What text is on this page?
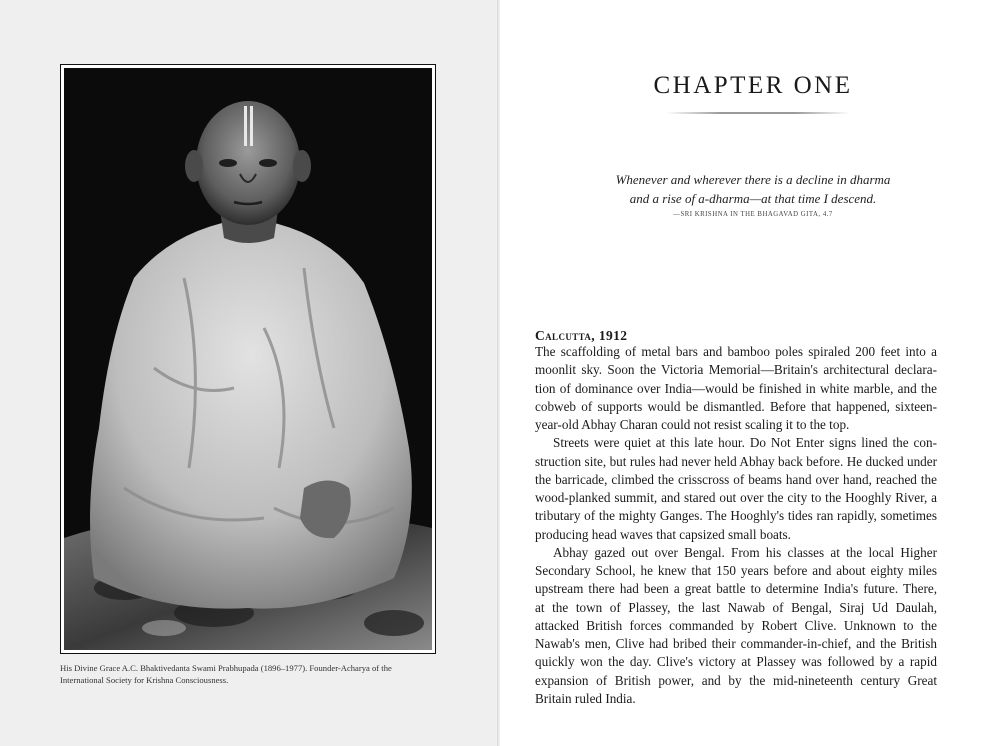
His Divine Grace A.C. Bhaktivedanta Swami Prabhupada (1896–1977). Founder-Acharya of the
International Society for Krishna Consciousness.
CHAPTER ONE
Whenever and wherever there is a decline in dharma
and a rise of a-dharma—at that time I descend.
—SRI KRISHNA IN THE BHAGAVAD GITA, 4.7
Calcutta, 1912
The scaffolding of metal bars and bamboo poles spiraled 200 feet into a
moonlit sky. Soon the Victoria Memorial—Britain's architectural declara-
tion of dominance over India—would be finished in white marble, and the
cobweb of supports would be dismantled. Before that happened, sixteen-
year-old Abhay Charan could not resist scaling it to the top.
Streets were quiet at this late hour. Do Not Enter signs lined the con-
struction site, but rules had never held Abhay back before. He ducked under
the barricade, climbed the crisscross of beams hand over hand, reached the
wood-planked summit, and stared out over the city to the Hooghly River, a
tributary of the mighty Ganges. The Hooghly's tides ran rapidly, sometimes
producing head waves that capsized small boats.
Abhay gazed out over Bengal. From his classes at the local Higher
Secondary School, he knew that 150 years before and about eighty miles
upstream there had been a great battle to determine India's future. There,
at the town of Plassey, the last Nawab of Bengal, Siraj Ud Daulah,
attacked British forces commanded by Robert Clive. Unknown to the
Nawab's men, Clive had bribed their commander-in-chief, and the British
quickly won the day. Clive's victory at Plassey was followed by a rapid
expansion of British power, and by the mid-nineteenth century Great
Britain ruled India.
